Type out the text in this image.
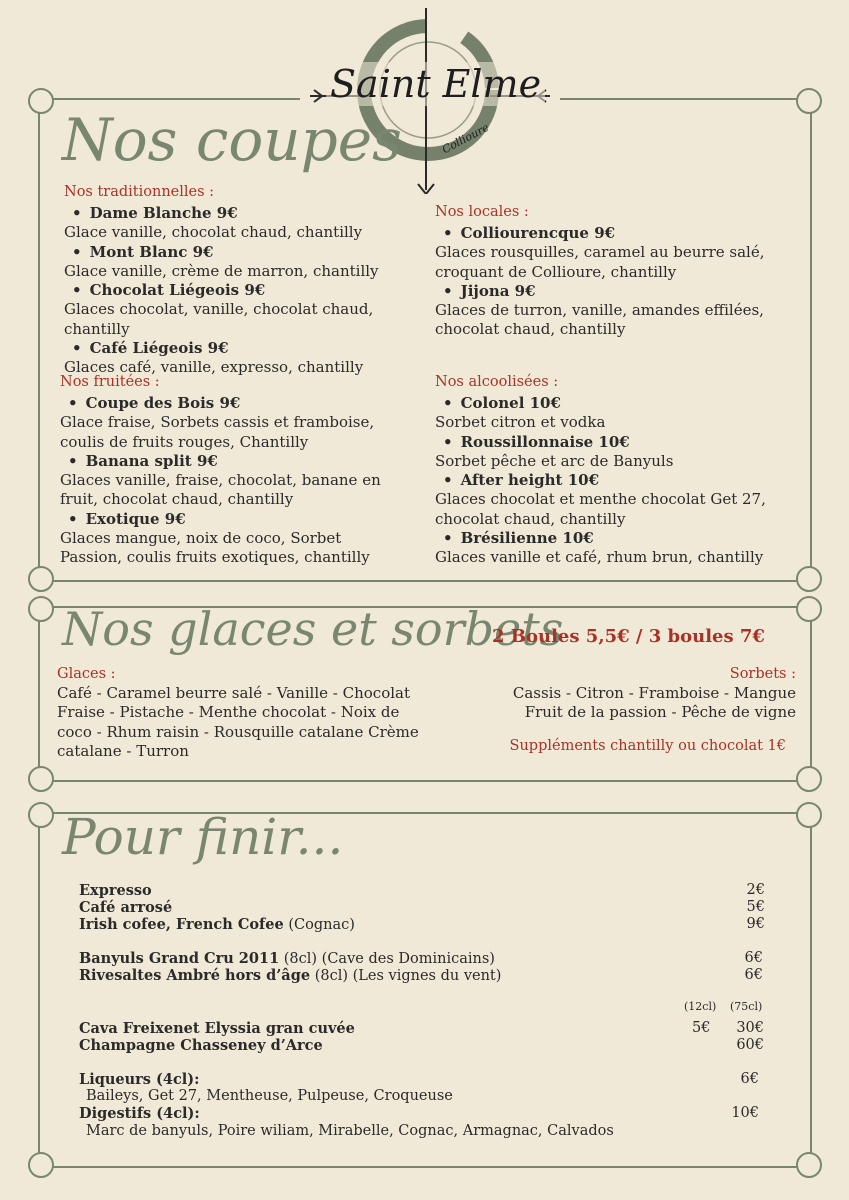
Saint Elme
Collioure
Nos coupes
Nos traditionnelles :
• Dame Blanche 9€
Glace vanille, chocolat chaud, chantilly
• Mont Blanc 9€
Glace vanille, crème de marron, chantilly
• Chocolat Liégeois 9€
Glaces chocolat, vanille, chocolat chaud, chantilly
• Café Liégeois 9€
Glaces café, vanille, expresso, chantilly
Nos locales :
• Colliourencque 9€
Glaces rousquilles, caramel au beurre salé, croquant de Collioure, chantilly
• Jijona 9€
Glaces de turron, vanille, amandes effilées, chocolat chaud, chantilly
Nos fruitées :
• Coupe des Bois 9€
Glace fraise, Sorbets cassis et framboise, coulis de fruits rouges, Chantilly
• Banana split 9€
Glaces vanille, fraise, chocolat, banane en fruit, chocolat chaud, chantilly
• Exotique 9€
Glaces mangue, noix de coco, Sorbet Passion, coulis fruits exotiques, chantilly
Nos alcoolisées :
• Colonel 10€
Sorbet citron et vodka
• Roussillonnaise 10€
Sorbet pêche et arc de Banyuls
• After height 10€
Glaces chocolat et menthe chocolat Get 27, chocolat chaud, chantilly
• Brésilienne 10€
Glaces vanille et café, rhum brun, chantilly
Nos glaces et sorbets
2 Boules 5,5€ / 3 boules 7€
Glaces :
Café - Caramel beurre salé - Vanille - Chocolat Fraise - Pistache - Menthe chocolat - Noix de coco - Rhum raisin - Rousquille catalane Crème catalane - Turron
Sorbets :
Cassis - Citron - Framboise - Mangue
Fruit de la passion - Pêche de vigne
Suppléments chantilly ou chocolat 1€
Pour finir...
Expresso	2€
Café arrosé	5€
Irish cofee, French Cofee (Cognac)	9€
Banyuls Grand Cru 2011 (8cl) (Cave des Dominicains)	6€
Rivesaltes Ambré hors d’âge (8cl) (Les vignes du vent)	6€
(12cl) (75cl)
Cava Freixenet Elyssia gran cuvée	5€ 30€
Champagne Chasseney d’Arce	60€
Liqueurs (4cl):	6€
Baileys, Get 27, Mentheuse, Pulpeuse, Croqueuse
Digestifs (4cl):	10€
Marc de banyuls, Poire wiliam, Mirabelle, Cognac, Armagnac, Calvados
